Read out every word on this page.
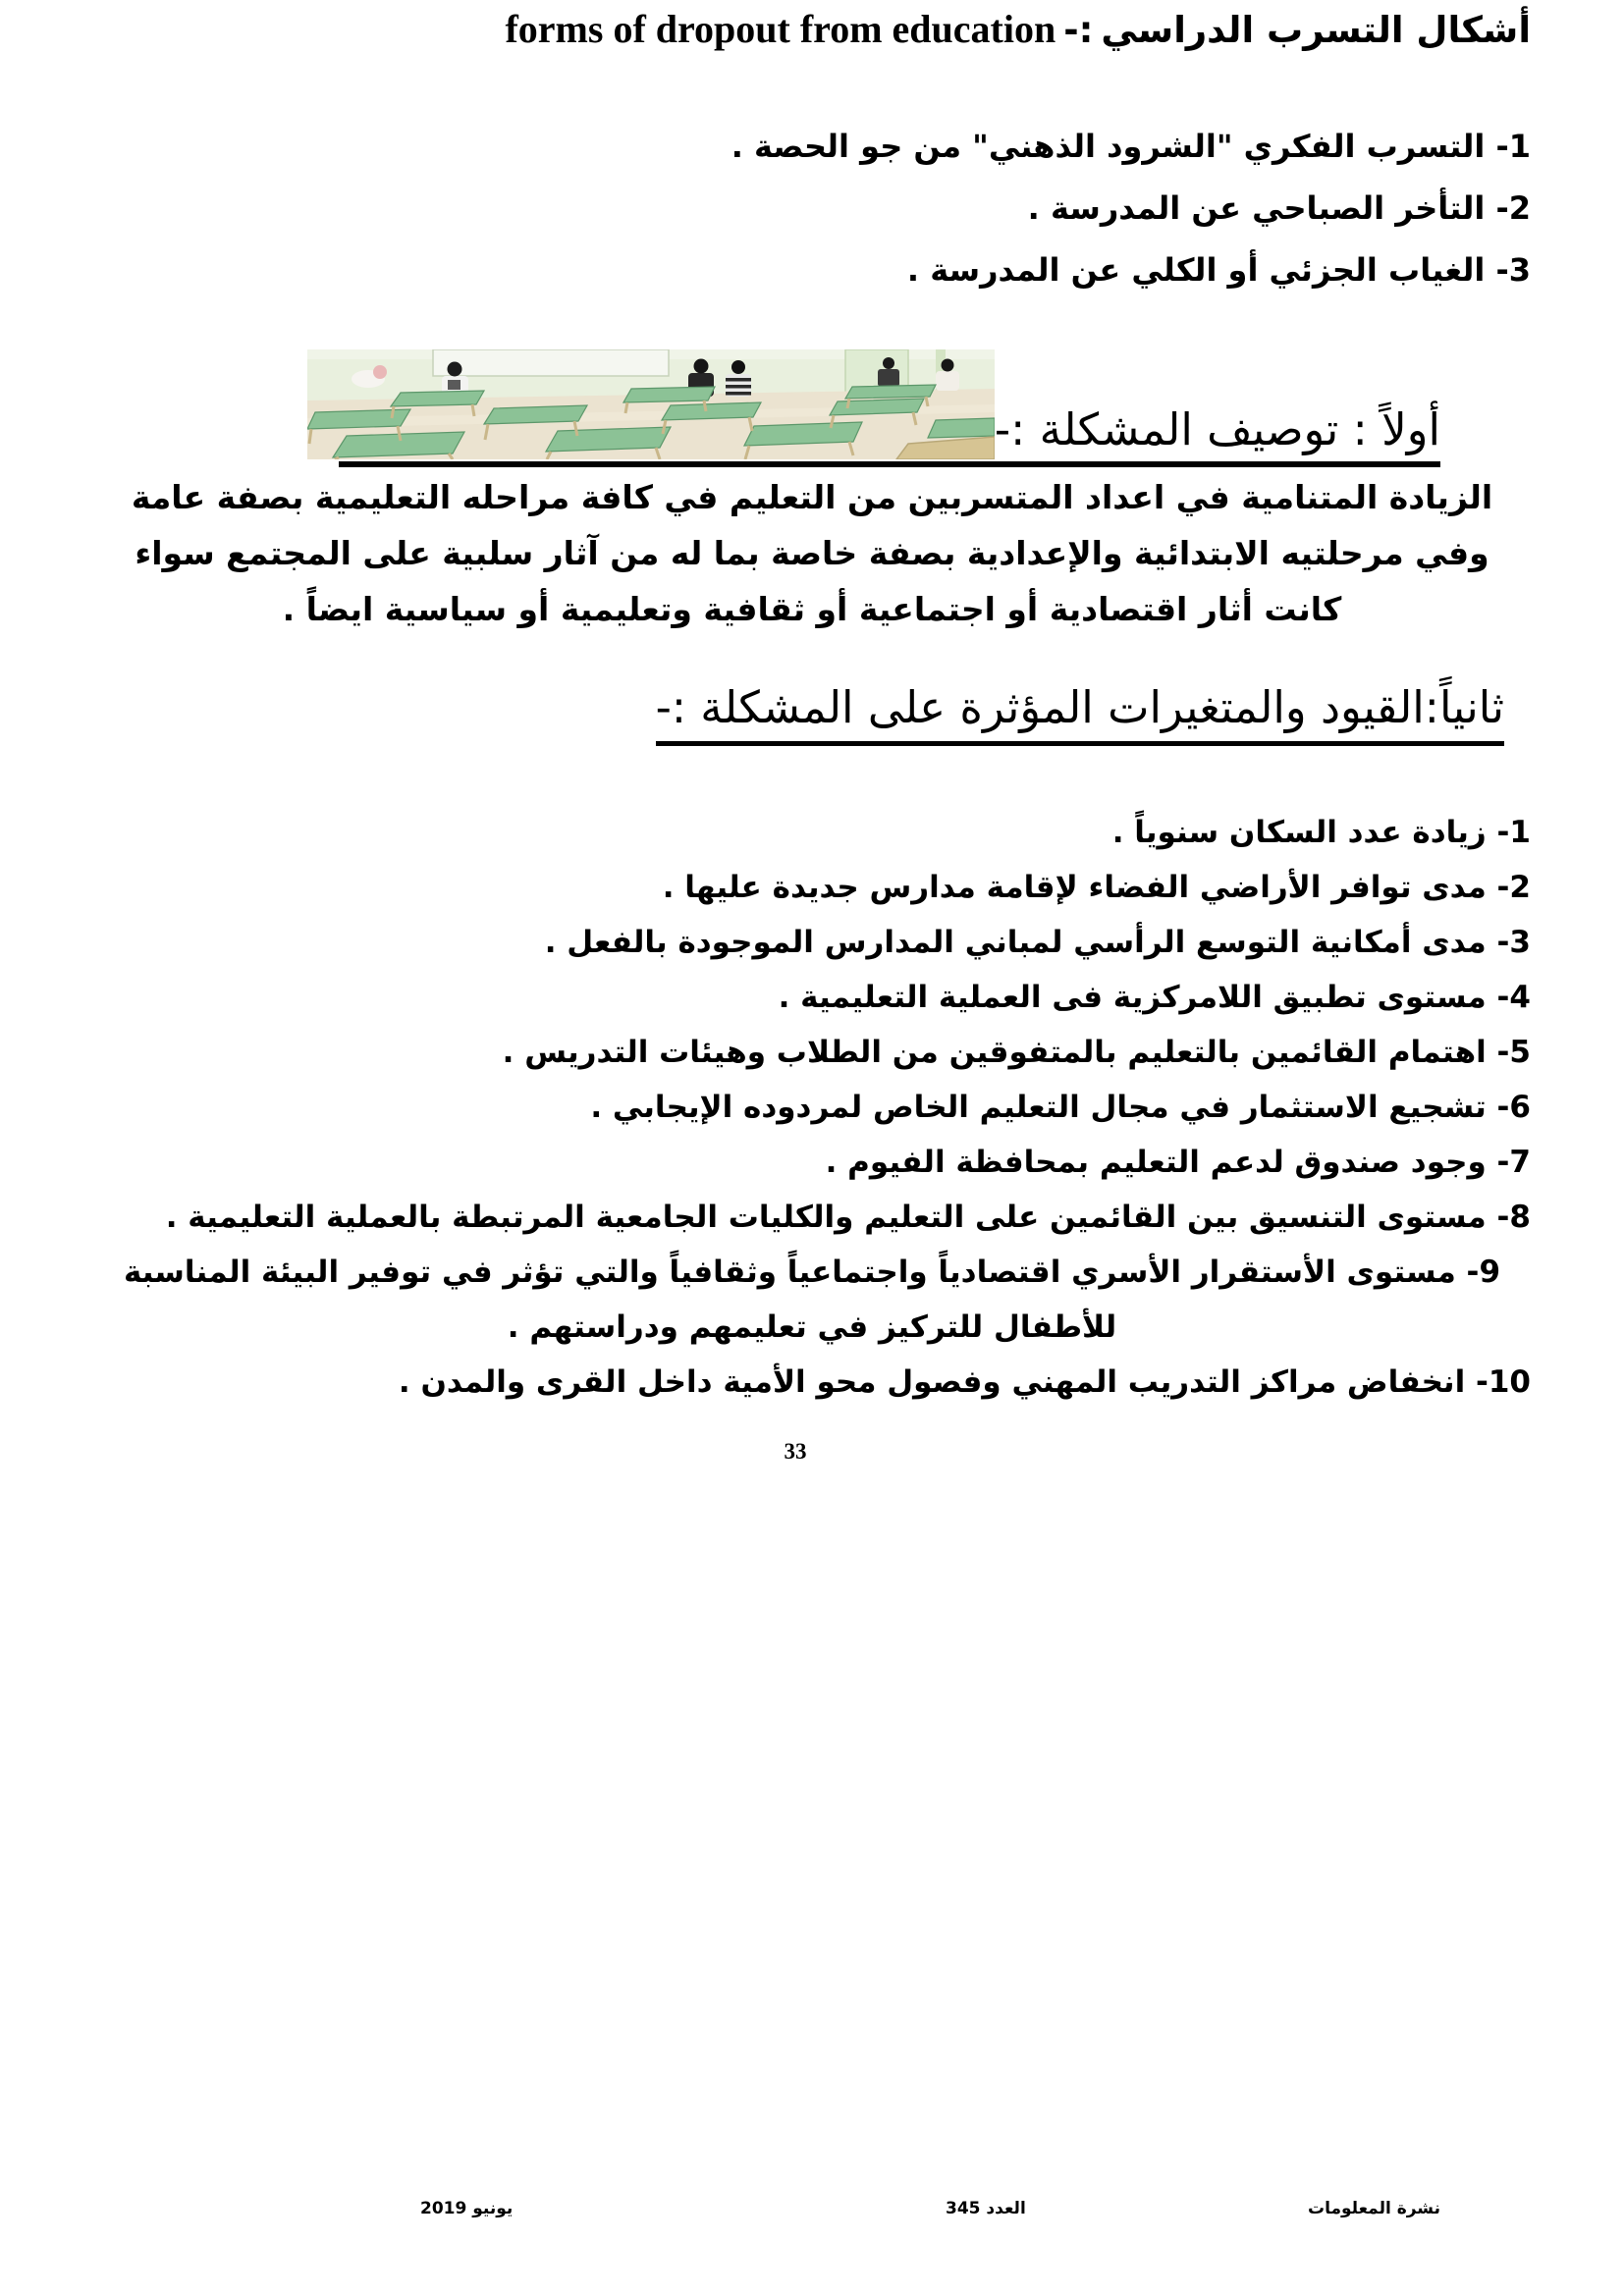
أشكال التسرب الدراسي:-forms of dropout from education
1- التسرب الفكري "الشرود الذهني" من جو الحصة .
2- التأخر الصباحي عن المدرسة .
3- الغياب الجزئي أو الكلي عن المدرسة .
أولاً : توصيف المشكلة :-
الزيادة المتنامية في اعداد المتسربين من التعليم في كافة مراحله التعليمية بصفة عامة وفي مرحلتيه الابتدائية والإعدادية بصفة خاصة بما له من آثار سلبية على المجتمع سواء كانت أثار اقتصادية أو اجتماعية أو ثقافية وتعليمية أو سياسية ايضاً .
ثانياً:القيود والمتغيرات المؤثرة على المشكلة :-
1- زيادة عدد السكان سنوياً .
2- مدى توافر الأراضي الفضاء لإقامة مدارس جديدة عليها .
3- مدى أمكانية التوسع الرأسي لمباني المدارس الموجودة بالفعل .
4- مستوى تطبيق اللامركزية فى العملية التعليمية .
5- اهتمام القائمين بالتعليم بالمتفوقين من الطلاب وهيئات التدريس .
6- تشجيع الاستثمار في مجال التعليم الخاص لمردوده الإيجابي .
7- وجود صندوق لدعم التعليم بمحافظة الفيوم .
8- مستوى التنسيق بين القائمين على التعليم والكليات الجامعية المرتبطة بالعملية التعليمية .
9- مستوى الأستقرار الأسري اقتصادياً واجتماعياً وثقافياً والتي تؤثر في توفير البيئة المناسبة للأطفال للتركيز في تعليمهم ودراستهم .
10- انخفاض مراكز التدريب المهني وفصول محو الأمية داخل القرى والمدن .
33
نشرة المعلومات
العدد 345
يونيو 2019
